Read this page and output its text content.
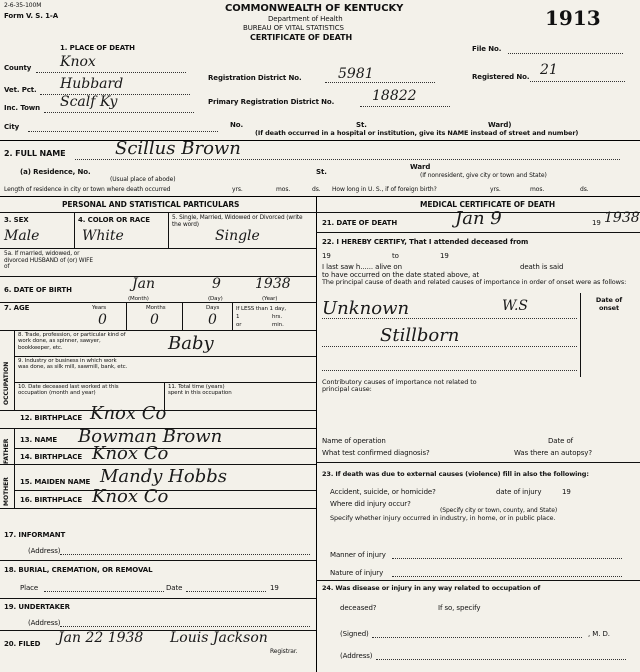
2-6-35-100M
Form V. S. 1-A
COMMONWEALTH OF KENTUCKY
Department of Health
BUREAU OF VITAL STATISTICS
CERTIFICATE OF DEATH
1913
File No.
Registered No. 21
Registration District No.	5981
Primary Registration District No.	18822
1. PLACE OF DEATH
County Knox
Vet. Pct. Hubbard
Inc. Town Scalf Ky
City	No.	St.	Ward)
(If death occurred in a hospital or institution, give its NAME instead of street and number)
2. FULL NAME	Scillus Brown
(a) Residence, No.
(Usual place of abode)
St.
Ward
(If nonresident, give city or town and State)
Length of residence in city or town where death occurred	yrs.	mos.	ds. How long in U. S., if of foreign birth?	yrs.	mos.	ds.
PERSONAL AND STATISTICAL PARTICULARS	MEDICAL CERTIFICATE OF DEATH
3. SEX
Male
4. COLOR OR RACE
White
5. Single, Married, Widowed or Divorced (write the word)
Single
5a. If married, widowed, or divorced HUSBAND of (or) WIFE of
6. DATE OF BIRTH	Jan	9 1938
(Month)	(Day)	(Year)
7. AGE	Years	Months	Days
0	0	0
If LESS than 1 day,
1	hrs.
or	min.
OCCUPATION
8. Trade, profession, or particular kind of work done, as spinner, sawyer, bookkeeper, etc.	Baby
9. Industry or business in which work was done, as silk mill, sawmill, bank, etc.
10. Date deceased last worked at this occupation (month and year)
11. Total time (years) spent in this occupation
12. BIRTHPLACE Knox Co
FATHER 13. NAME Bowman Brown
14. BIRTHPLACE Knox Co
MOTHER 15. MAIDEN NAME Mandy Hobbs
16. BIRTHPLACE Knox Co
17. INFORMANT
(Address)
18. BURIAL, CREMATION, OR REMOVAL
Place	Date	19
19. UNDERTAKER
(Address)
20. FILED Jan 22 1938 Louis Jackson
Registrar.
21. DATE OF DEATH	Jan 9	19 1938
22. I HEREBY CERTIFY, That I attended deceased from
19	to	19
I last saw h...... alive on	death is said
to have occurred on the date stated above, at
The principal cause of death and related causes of importance in order of onset were as follows:
Date of onset
Unknown	W.S
Stillborn
Contributory causes of importance not related to principal cause:
Name of operation	Date of
What test confirmed diagnosis?	Was there an autopsy?
23. If death was due to external causes (violence) fill in also the following:
Accident, suicide, or homicide?	date of injury	19
Where did injury occur?
(Specify city or town, county, and State)
Specify whether injury occurred in industry, in home, or in public place.
Manner of injury
Nature of injury
24. Was disease or injury in any way related to occupation of
deceased?	If so, specify
(Signed)	, M. D.
(Address)
